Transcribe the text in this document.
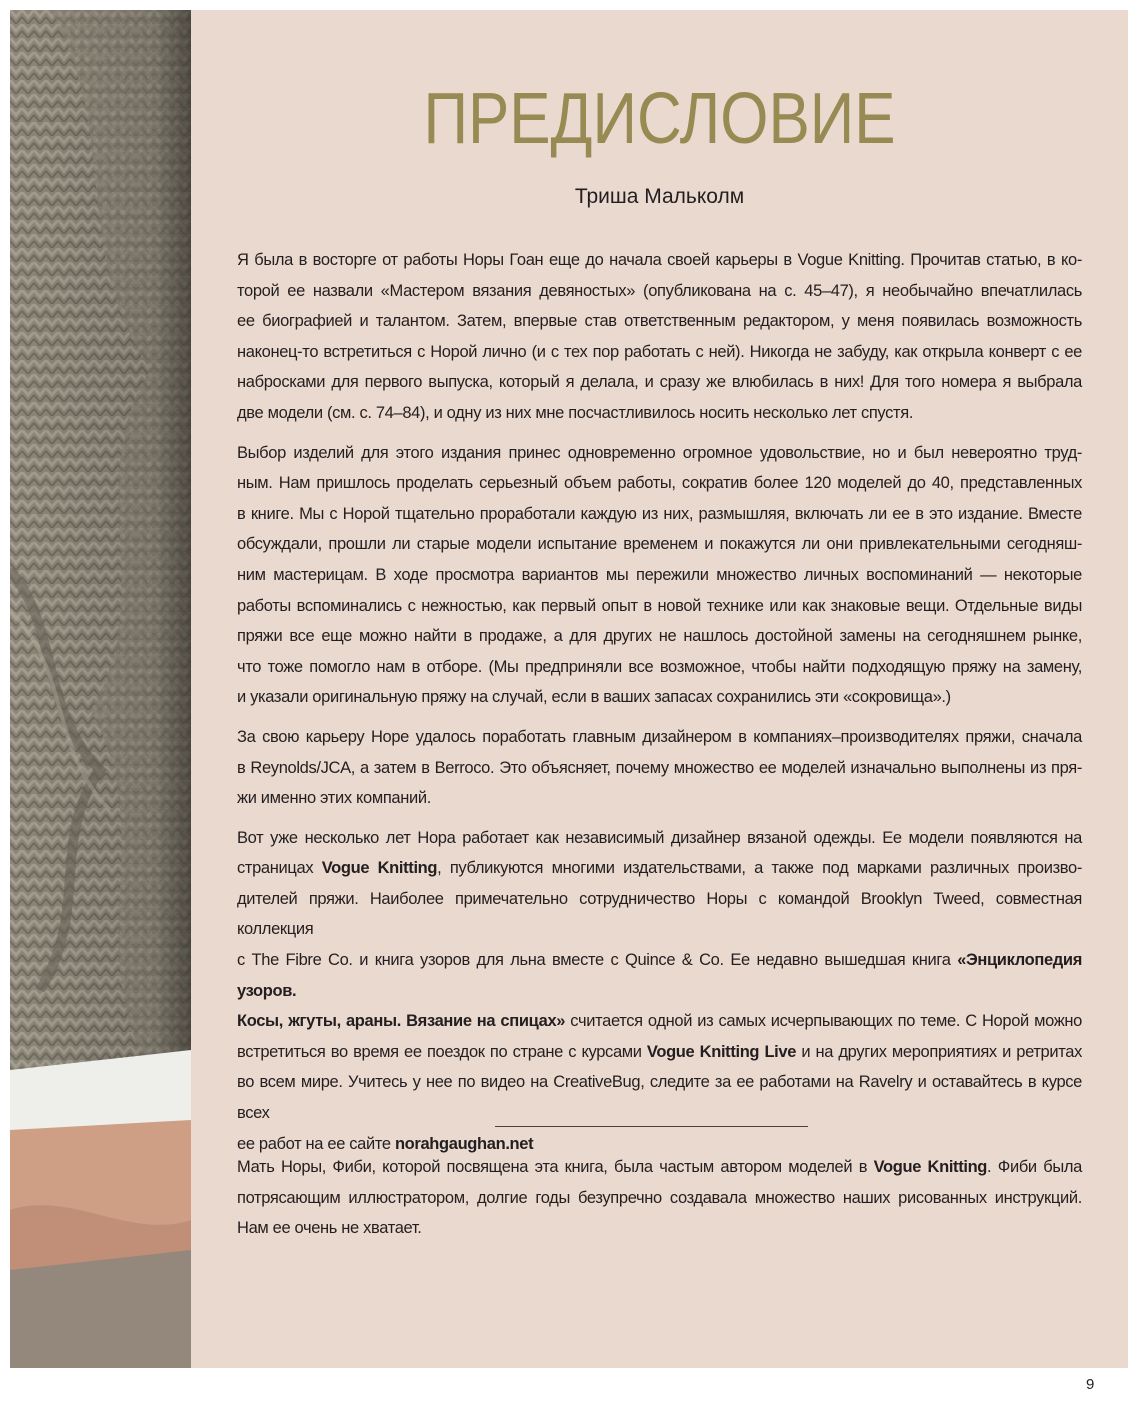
ПРЕДИСЛОВИЕ
Триша Мальколм

Я была в восторге от работы Норы Гоан еще до начала своей карьеры в Vogue Knitting. Прочитав статью, в ко-
торой ее назвали «Мастером вязания девяностых» (опубликована на с. 45–47), я необычайно впечатлилась
ее биографией и талантом. Затем, впервые став ответственным редактором, у меня появилась возможность
наконец-то встретиться с Норой лично (и с тех пор работать с ней). Никогда не забуду, как открыла конверт с ее
набросками для первого выпуска, который я делала, и сразу же влюбилась в них! Для того номера я выбрала
две модели (см. с. 74–84), и одну из них мне посчастливилось носить несколько лет спустя.

Выбор изделий для этого издания принес одновременно огромное удовольствие, но и был невероятно труд-
ным. Нам пришлось проделать серьезный объем работы, сократив более 120 моделей до 40, представленных
в книге. Мы с Норой тщательно проработали каждую из них, размышляя, включать ли ее в это издание. Вместе
обсуждали, прошли ли старые модели испытание временем и покажутся ли они привлекательными сегодняш-
ним мастерицам. В ходе просмотра вариантов мы пережили множество личных воспоминаний — некоторые
работы вспоминались с нежностью, как первый опыт в новой технике или как знаковые вещи. Отдельные виды
пряжи все еще можно найти в продаже, а для других не нашлось достойной замены на сегодняшнем рынке,
что тоже помогло нам в отборе. (Мы предприняли все возможное, чтобы найти подходящую пряжу на замену,
и указали оригинальную пряжу на случай, если в ваших запасах сохранились эти «сокровища».)

За свою карьеру Норе удалось поработать главным дизайнером в компаниях–производителях пряжи, сначала
в Reynolds/JCA, а затем в Berroco. Это объясняет, почему множество ее моделей изначально выполнены из пря-
жи именно этих компаний.

Вот уже несколько лет Нора работает как независимый дизайнер вязаной одежды. Ее модели появляются на
страницах Vogue Knitting, публикуются многими издательствами, а также под марками различных произво-
дителей пряжи. Наиболее примечательно сотрудничество Норы с командой Brooklyn Tweed, совместная коллекция
с The Fibre Co. и книга узоров для льна вместе с Quince & Co. Ее недавно вышедшая книга «Энциклопедия узоров.
Косы, жгуты, араны. Вязание на спицах» считается одной из самых исчерпывающих по теме. С Норой можно
встретиться во время ее поездок по стране с курсами Vogue Knitting Live и на других мероприятиях и ретритах
во всем мире. Учитесь у нее по видео на CreativeBug, следите за ее работами на Ravelry и оставайтесь в курсе всех
ее работ на ее сайте norahgaughan.net

Мать Норы, Фиби, которой посвящена эта книга, была частым автором моделей в Vogue Knitting. Фиби была
потрясающим иллюстратором, долгие годы безупречно создавала множество наших рисованных инструкций.
Нам ее очень не хватает.
9
